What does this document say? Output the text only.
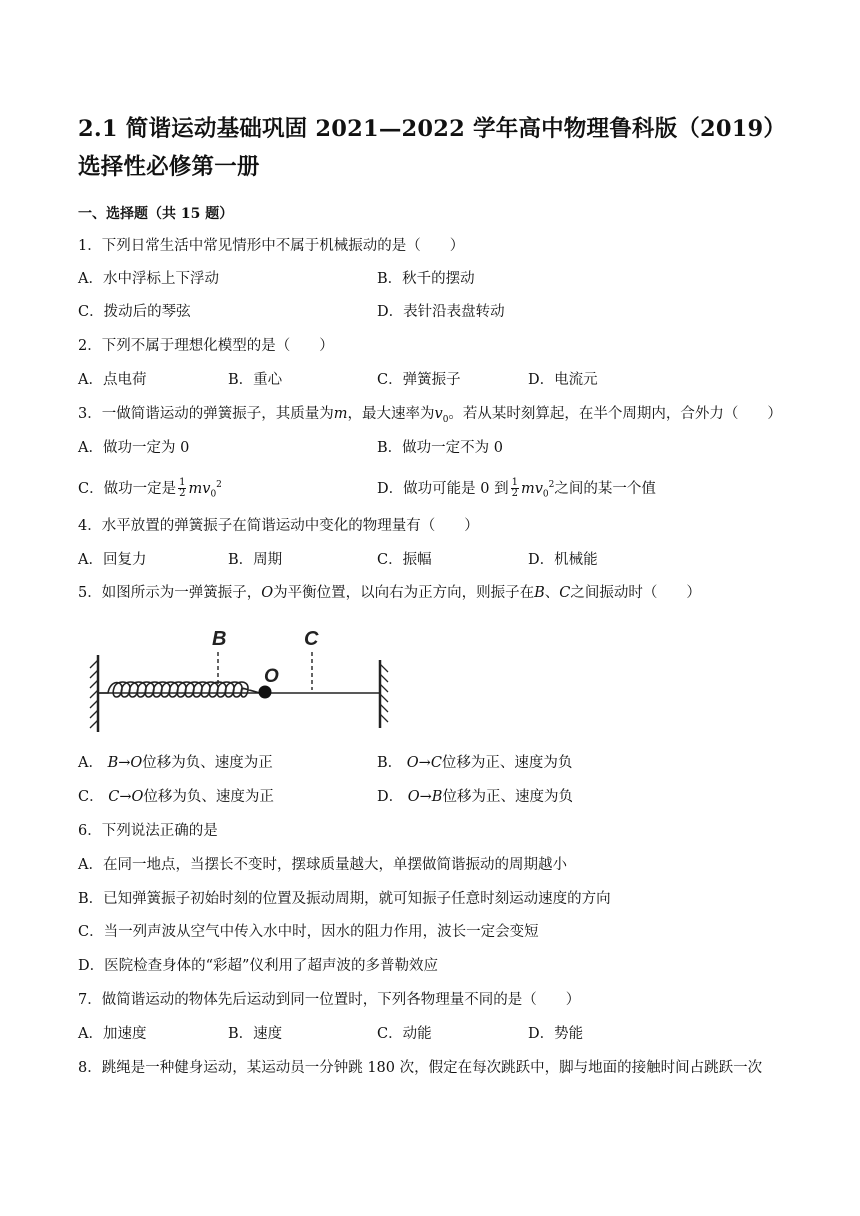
2.1 简谐运动基础巩固 2021—2022 学年高中物理鲁科版（2019）选择性必修第一册
一、选择题（共 15 题）
1．下列日常生活中常见情形中不属于机械振动的是（　　）
A．水中浮标上下浮动	B．秋千的摆动
C．拨动后的琴弦	D．表针沿表盘转动
2．下列不属于理想化模型的是（　　）
A．点电荷	B．重心	C．弹簧振子	D．电流元
3．一做简谐运动的弹簧振子，其质量为m，最大速率为$v_0$。若从某时刻算起，在半个周期内，合外力（　　）
A．做功一定为 0	B．做功一定不为 0
C．做功一定是 $\frac{1}{2} mv_0^2$	D．做功可能是 0 到 $\frac{1}{2} mv_0^2$之间的某一个值
4．水平放置的弹簧振子在简谐运动中变化的物理量有（　　）
A．回复力	B．周期	C．振幅	D．机械能
5．如图所示为一弹簧振子，O为平衡位置，以向右为正方向，则振子在B、C之间振动时（　　）
B	C
O
A． B→O位移为负、速度为正	B． O→C位移为正、速度为负
C． C→O位移为负、速度为正	D． O→B位移为正、速度为负
6．下列说法正确的是
A．在同一地点，当摆长不变时，摆球质量越大，单摆做简谐振动的周期越小
B．已知弹簧振子初始时刻的位置及振动周期，就可知振子任意时刻运动速度的方向
C．当一列声波从空气中传入水中时，因水的阻力作用，波长一定会变短
D．医院检查身体的“彩超”仪利用了超声波的多普勒效应
7．做简谐运动的物体先后运动到同一位置时，下列各物理量不同的是（　　）
A．加速度	B．速度	C．动能	D．势能
8．跳绳是一种健身运动，某运动员一分钟跳 180 次，假定在每次跳跃中，脚与地面的接触时间占跳跃一次
